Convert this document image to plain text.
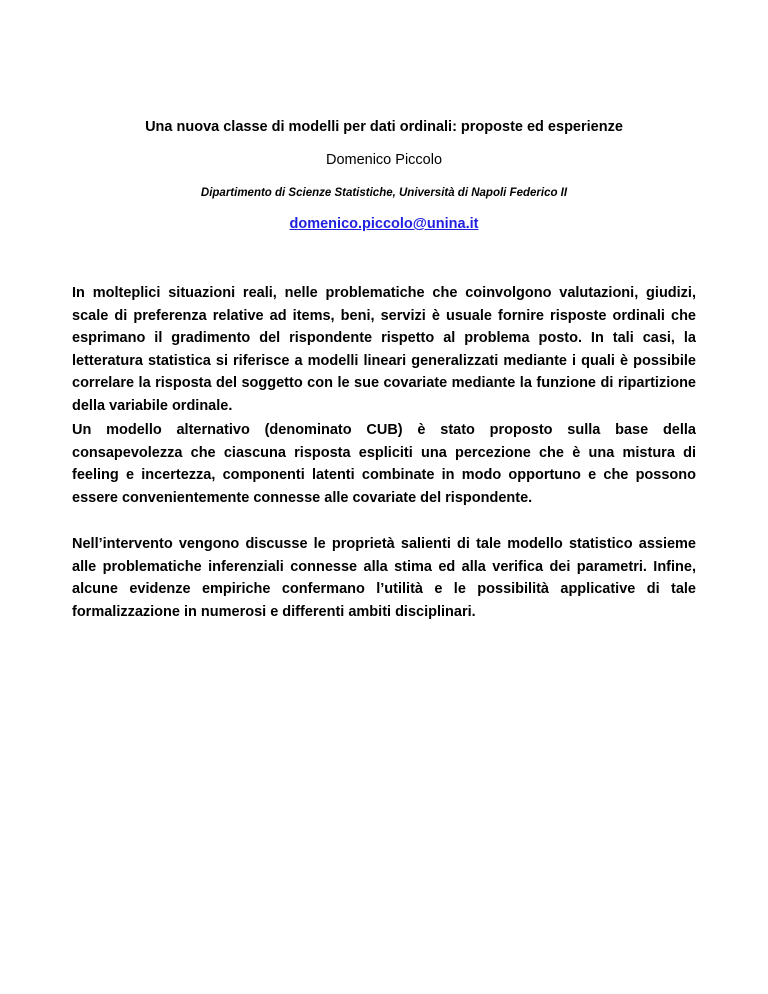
Una nuova classe di modelli per dati ordinali: proposte ed esperienze
Domenico Piccolo
Dipartimento di Scienze Statistiche, Università di Napoli Federico II
domenico.piccolo@unina.it

In molteplici situazioni reali, nelle problematiche che coinvolgono valutazioni, giudizi, scale di preferenza relative ad items, beni, servizi è usuale fornire risposte ordinali che esprimano il gradimento del rispondente rispetto al problema posto. In tali casi, la letteratura statistica si riferisce a modelli lineari generalizzati mediante i quali è possibile correlare la risposta del soggetto con le sue covariate mediante la funzione di ripartizione della variabile ordinale.

Un modello alternativo (denominato CUB) è stato proposto sulla base della consapevolezza che ciascuna risposta espliciti una percezione che è una mistura di feeling e incertezza, componenti latenti combinate in modo opportuno e che possono essere convenientemente connesse alle covariate del rispondente.

Nell’intervento vengono discusse le proprietà salienti di tale modello statistico assieme alle problematiche inferenziali connesse alla stima ed alla verifica dei parametri. Infine, alcune evidenze empiriche confermano l’utilità e le possibilità applicative di tale formalizzazione in numerosi e differenti ambiti disciplinari.
